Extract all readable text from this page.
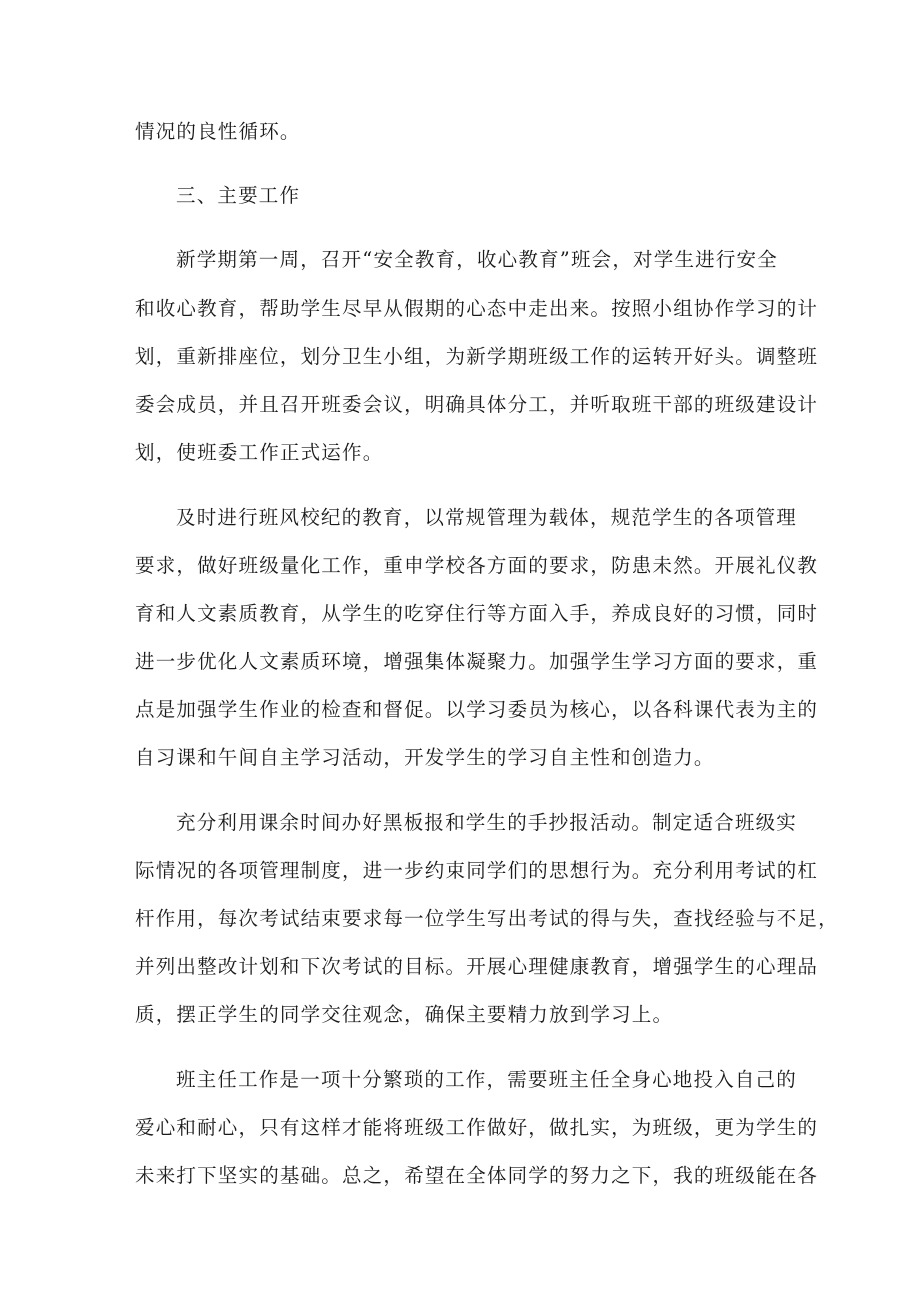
情况的良性循环。
三、主要工作
新学期第一周，召开“安全教育，收心教育”班会，对学生进行安全
和收心教育，帮助学生尽早从假期的心态中走出来。按照小组协作学习的计
划，重新排座位，划分卫生小组，为新学期班级工作的运转开好头。调整班
委会成员，并且召开班委会议，明确具体分工，并听取班干部的班级建设计
划，使班委工作正式运作。
及时进行班风校纪的教育，以常规管理为载体，规范学生的各项管理
要求，做好班级量化工作，重申学校各方面的要求，防患未然。开展礼仪教
育和人文素质教育，从学生的吃穿住行等方面入手，养成良好的习惯，同时
进一步优化人文素质环境，增强集体凝聚力。加强学生学习方面的要求，重
点是加强学生作业的检查和督促。以学习委员为核心，以各科课代表为主的
自习课和午间自主学习活动，开发学生的学习自主性和创造力。
充分利用课余时间办好黑板报和学生的手抄报活动。制定适合班级实
际情况的各项管理制度，进一步约束同学们的思想行为。充分利用考试的杠
杆作用，每次考试结束要求每一位学生写出考试的得与失，查找经验与不足，
并列出整改计划和下次考试的目标。开展心理健康教育，增强学生的心理品
质，摆正学生的同学交往观念，确保主要精力放到学习上。
班主任工作是一项十分繁琐的工作，需要班主任全身心地投入自己的
爱心和耐心，只有这样才能将班级工作做好，做扎实，为班级，更为学生的
未来打下坚实的基础。总之，希望在全体同学的努力之下，我的班级能在各
